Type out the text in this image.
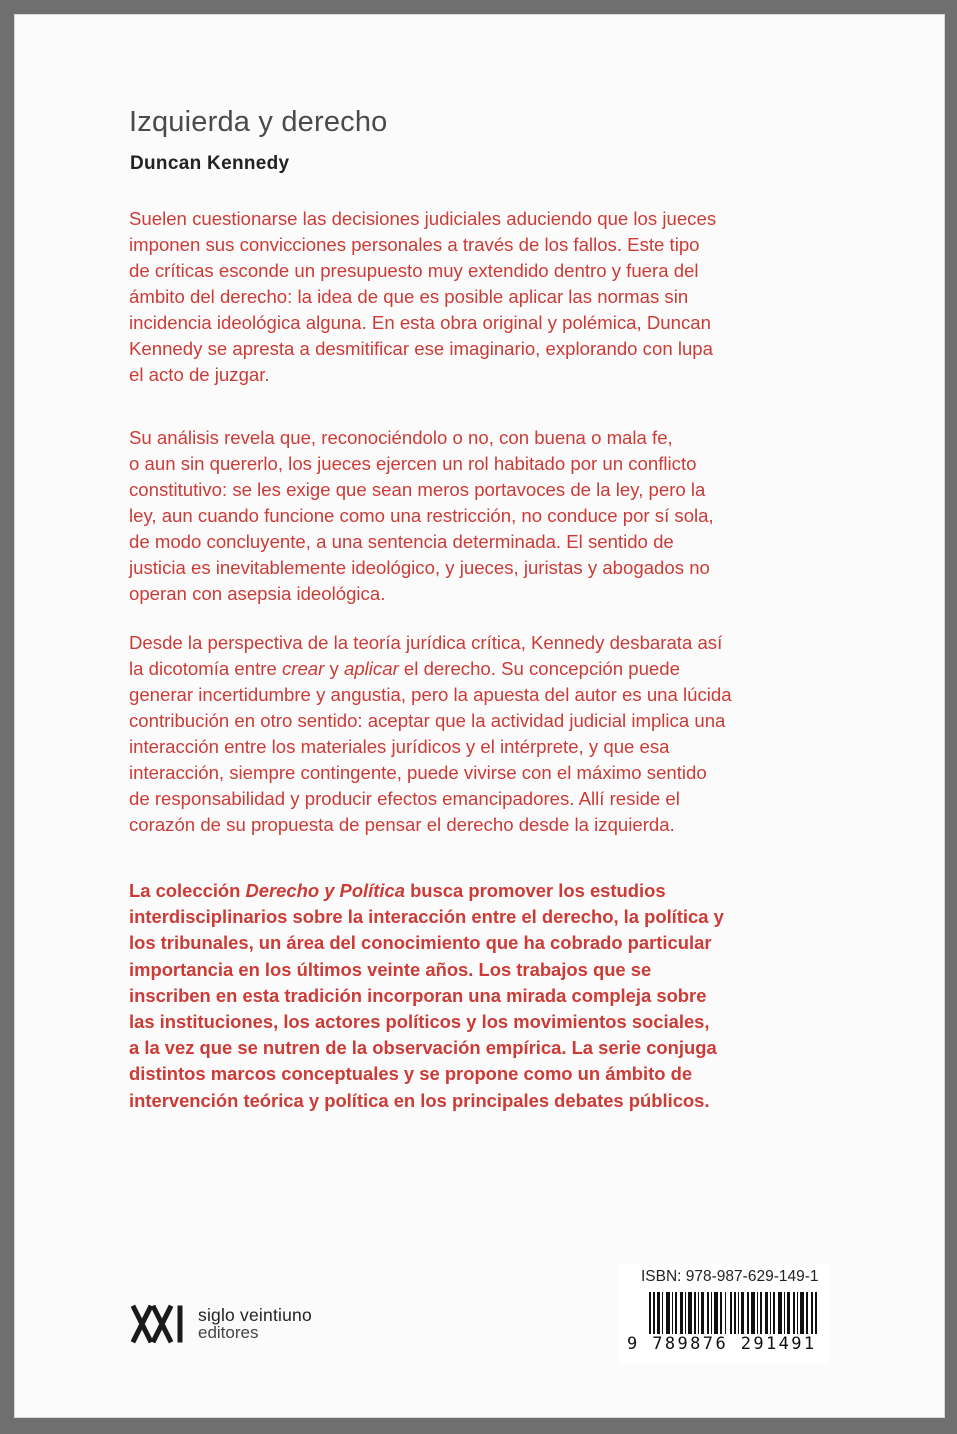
Izquierda y derecho
Duncan Kennedy

Suelen cuestionarse las decisiones judiciales aduciendo que los jueces
imponen sus convicciones personales a través de los fallos. Este tipo
de críticas esconde un presupuesto muy extendido dentro y fuera del
ámbito del derecho: la idea de que es posible aplicar las normas sin
incidencia ideológica alguna. En esta obra original y polémica, Duncan
Kennedy se apresta a desmitificar ese imaginario, explorando con lupa
el acto de juzgar.

Su análisis revela que, reconociéndolo o no, con buena o mala fe,
o aun sin quererlo, los jueces ejercen un rol habitado por un conflicto
constitutivo: se les exige que sean meros portavoces de la ley, pero la
ley, aun cuando funcione como una restricción, no conduce por sí sola,
de modo concluyente, a una sentencia determinada. El sentido de
justicia es inevitablemente ideológico, y jueces, juristas y abogados no
operan con asepsia ideológica.

Desde la perspectiva de la teoría jurídica crítica, Kennedy desbarata así
la dicotomía entre crear y aplicar el derecho. Su concepción puede
generar incertidumbre y angustia, pero la apuesta del autor es una lúcida
contribución en otro sentido: aceptar que la actividad judicial implica una
interacción entre los materiales jurídicos y el intérprete, y que esa
interacción, siempre contingente, puede vivirse con el máximo sentido
de responsabilidad y producir efectos emancipadores. Allí reside el
corazón de su propuesta de pensar el derecho desde la izquierda.

La colección Derecho y Política busca promover los estudios
interdisciplinarios sobre la interacción entre el derecho, la política y
los tribunales, un área del conocimiento que ha cobrado particular
importancia en los últimos veinte años. Los trabajos que se
inscriben en esta tradición incorporan una mirada compleja sobre
las instituciones, los actores políticos y los movimientos sociales,
a la vez que se nutren de la observación empírica. La serie conjuga
distintos marcos conceptuales y se propone como un ámbito de
intervención teórica y política en los principales debates públicos.

siglo veintiuno
editores
ISBN: 978-987-629-149-1
9 789876 291491
